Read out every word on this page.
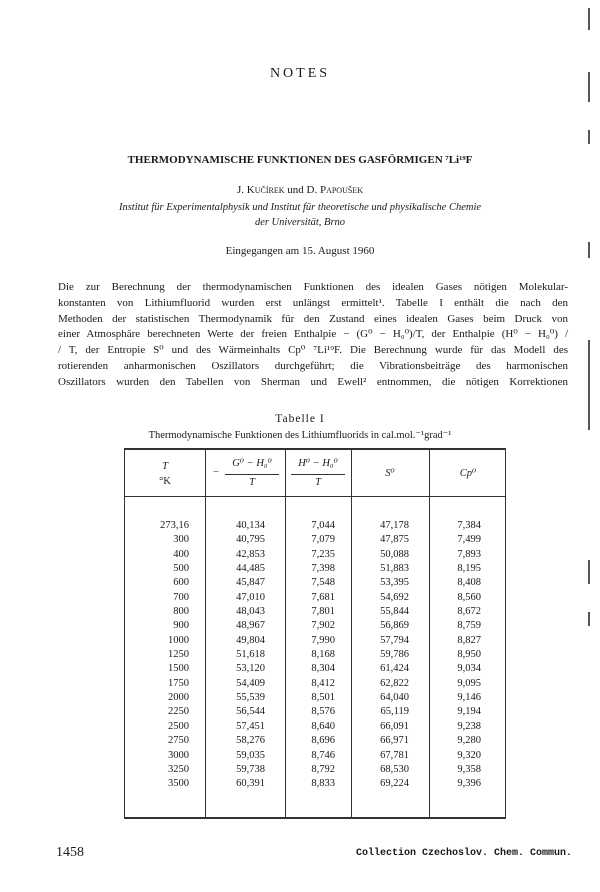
NOTES
THERMODYNAMISCHE FUNKTIONEN DES GASFÖRMIGEN ⁷Li¹⁹F
J. Kučírek und D. Papoušek
Institut für Experimentalphysik und Institut für theoretische und physikalische Chemie
der Universität, Brno
Eingegangen am 15. August 1960
Die zur Berechnung der thermodynamischen Funktionen des idealen Gases nötigen Molekular-
konstanten von Lithiumfluorid wurden erst unlängst ermittelt¹. Tabelle I enthält die nach den
Methoden der statistischen Thermodynamik für den Zustand eines idealen Gases beim Druck von
einer Atmosphäre berechneten Werte der freien Enthalpie − (G⁰ − H₀⁰)/T, der Enthalpie (H⁰ − H₀⁰) /
/ T, der Entropie S⁰ und des Wärmeinhalts Cp⁰ ⁷Li¹⁹F. Die Berechnung wurde für das Modell des
rotierenden anharmonischen Oszillators durchgeführt; die Vibrationsbeiträge des harmonischen
Oszillators wurden den Tabellen von Sherman und Ewell² entnommen, die nötigen Korrektionen
Tabelle I
Thermodynamische Funktionen des Lithiumfluorids in cal.mol.⁻¹grad⁻¹
T
°K
−
G⁰ − H₀⁰
T
H⁰ − H₀⁰
T
S⁰	Cp⁰
273,16
300
400
500
600
700
800
900
1000
1250
1500
1750
2000
2250
2500
2750
3000
3250
3500
40,134
40,795
42,853
44,485
45,847
47,010
48,043
48,967
49,804
51,618
53,120
54,409
55,539
56,544
57,451
58,276
59,035
59,738
60,391
7,044
7,079
7,235
7,398
7,548
7,681
7,801
7,902
7,990
8,168
8,304
8,412
8,501
8,576
8,640
8,696
8,746
8,792
8,833
47,178
47,875
50,088
51,883
53,395
54,692
55,844
56,869
57,794
59,786
61,424
62,822
64,040
65,119
66,091
66,971
67,781
68,530
69,224
7,384
7,499
7,893
8,195
8,408
8,560
8,672
8,759
8,827
8,950
9,034
9,095
9,146
9,194
9,238
9,280
9,320
9,358
9,396
1458	Collection Czechoslov. Chem. Commun.
